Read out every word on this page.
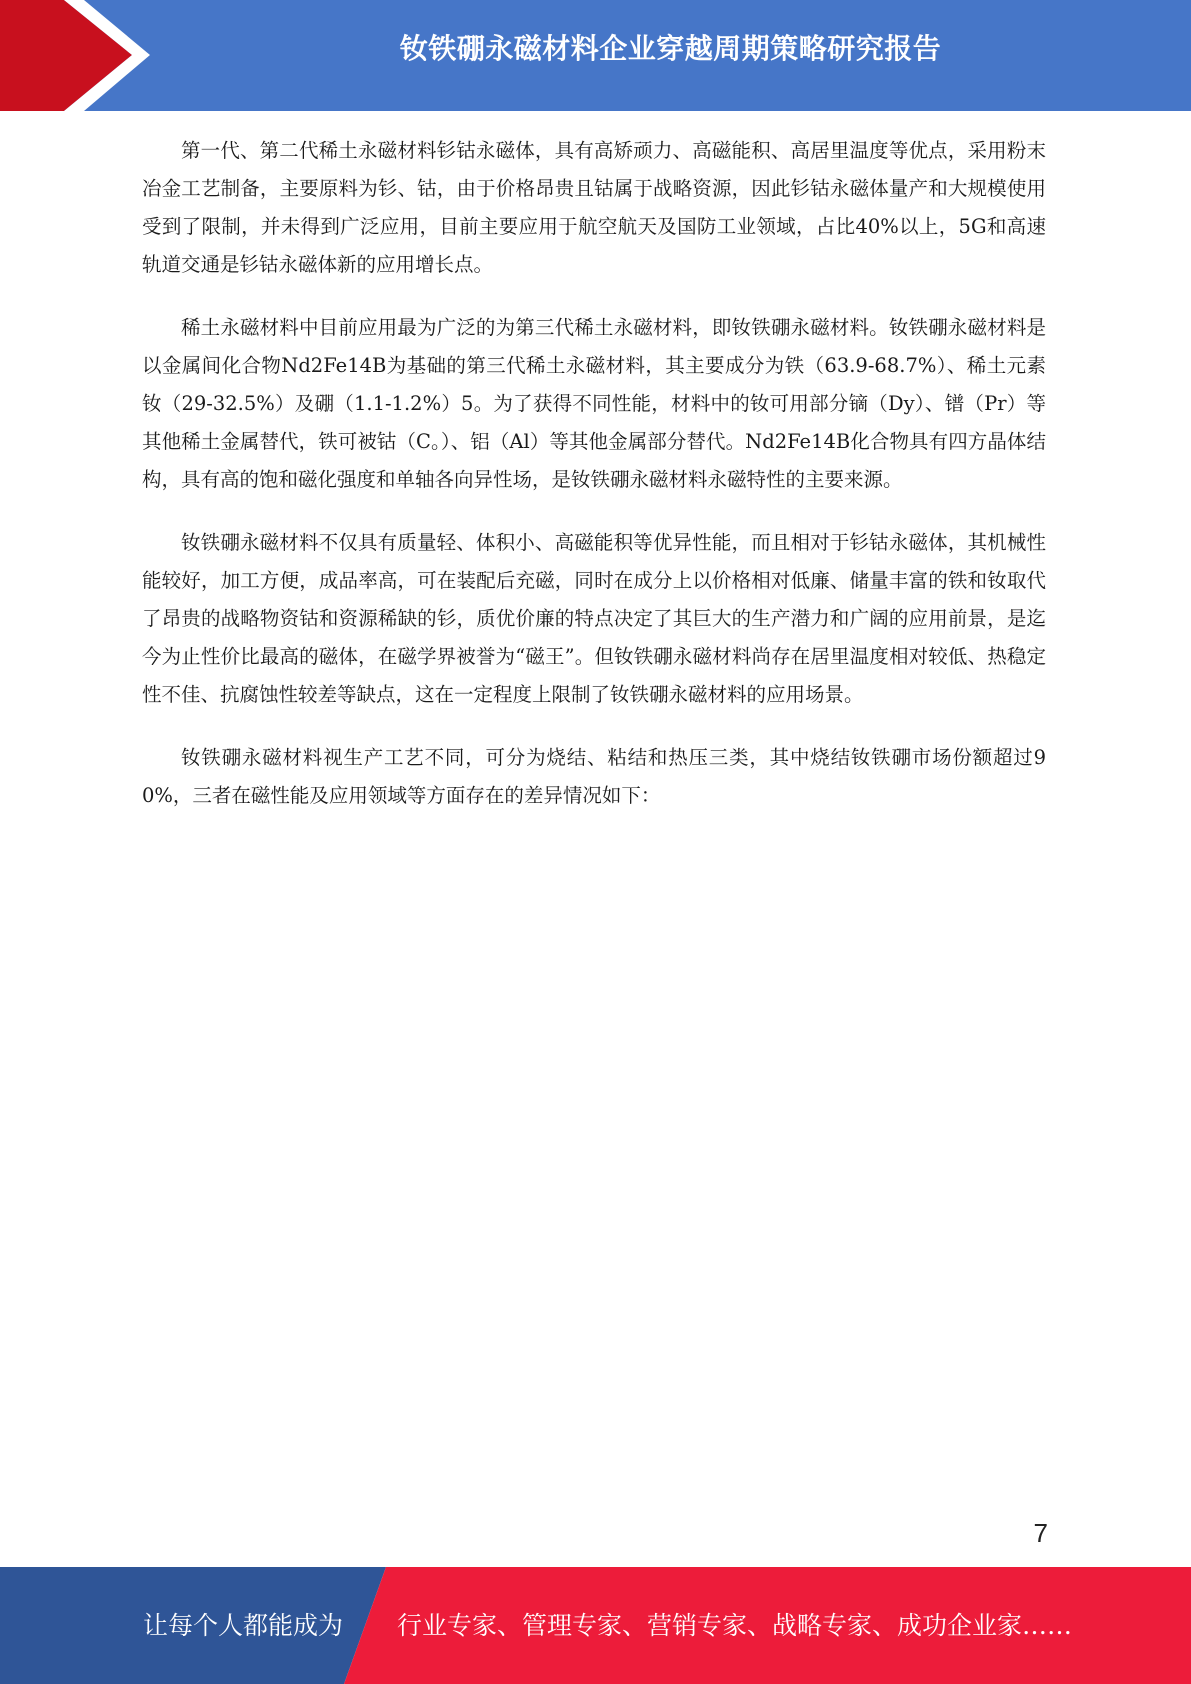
钕铁硼永磁材料企业穿越周期策略研究报告

第一代、第二代稀土永磁材料钐钴永磁体，具有高矫顽力、高磁能积、高居里温度等优点，采用粉末冶金工艺制备，主要原料为钐、钴，由于价格昂贵且钴属于战略资源，因此钐钴永磁体量产和大规模使用受到了限制，并未得到广泛应用，目前主要应用于航空航天及国防工业领域，占比40%以上，5G和高速轨道交通是钐钴永磁体新的应用增长点。

稀土永磁材料中目前应用最为广泛的为第三代稀土永磁材料，即钕铁硼永磁材料。钕铁硼永磁材料是以金属间化合物Nd2Fe14B为基础的第三代稀土永磁材料，其主要成分为铁（63.9-68.7%）、稀土元素钕（29-32.5%）及硼（1.1-1.2%）5。为了获得不同性能，材料中的钕可用部分镝（Dy）、镨（Pr）等其他稀土金属替代，铁可被钴（C。）、铝（Al）等其他金属部分替代。Nd2Fe14B化合物具有四方晶体结构，具有高的饱和磁化强度和单轴各向异性场，是钕铁硼永磁材料永磁特性的主要来源。

钕铁硼永磁材料不仅具有质量轻、体积小、高磁能积等优异性能，而且相对于钐钴永磁体，其机械性能较好，加工方便，成品率高，可在装配后充磁，同时在成分上以价格相对低廉、储量丰富的铁和钕取代了昂贵的战略物资钴和资源稀缺的钐，质优价廉的特点决定了其巨大的生产潜力和广阔的应用前景，是迄今为止性价比最高的磁体，在磁学界被誉为“磁王”。但钕铁硼永磁材料尚存在居里温度相对较低、热稳定性不佳、抗腐蚀性较差等缺点，这在一定程度上限制了钕铁硼永磁材料的应用场景。

钕铁硼永磁材料视生产工艺不同，可分为烧结、粘结和热压三类，其中烧结钕铁硼市场份额超过90%，三者在磁性能及应用领域等方面存在的差异情况如下：

7
让每个人都能成为 行业专家、管理专家、营销专家、战略专家、成功企业家……
